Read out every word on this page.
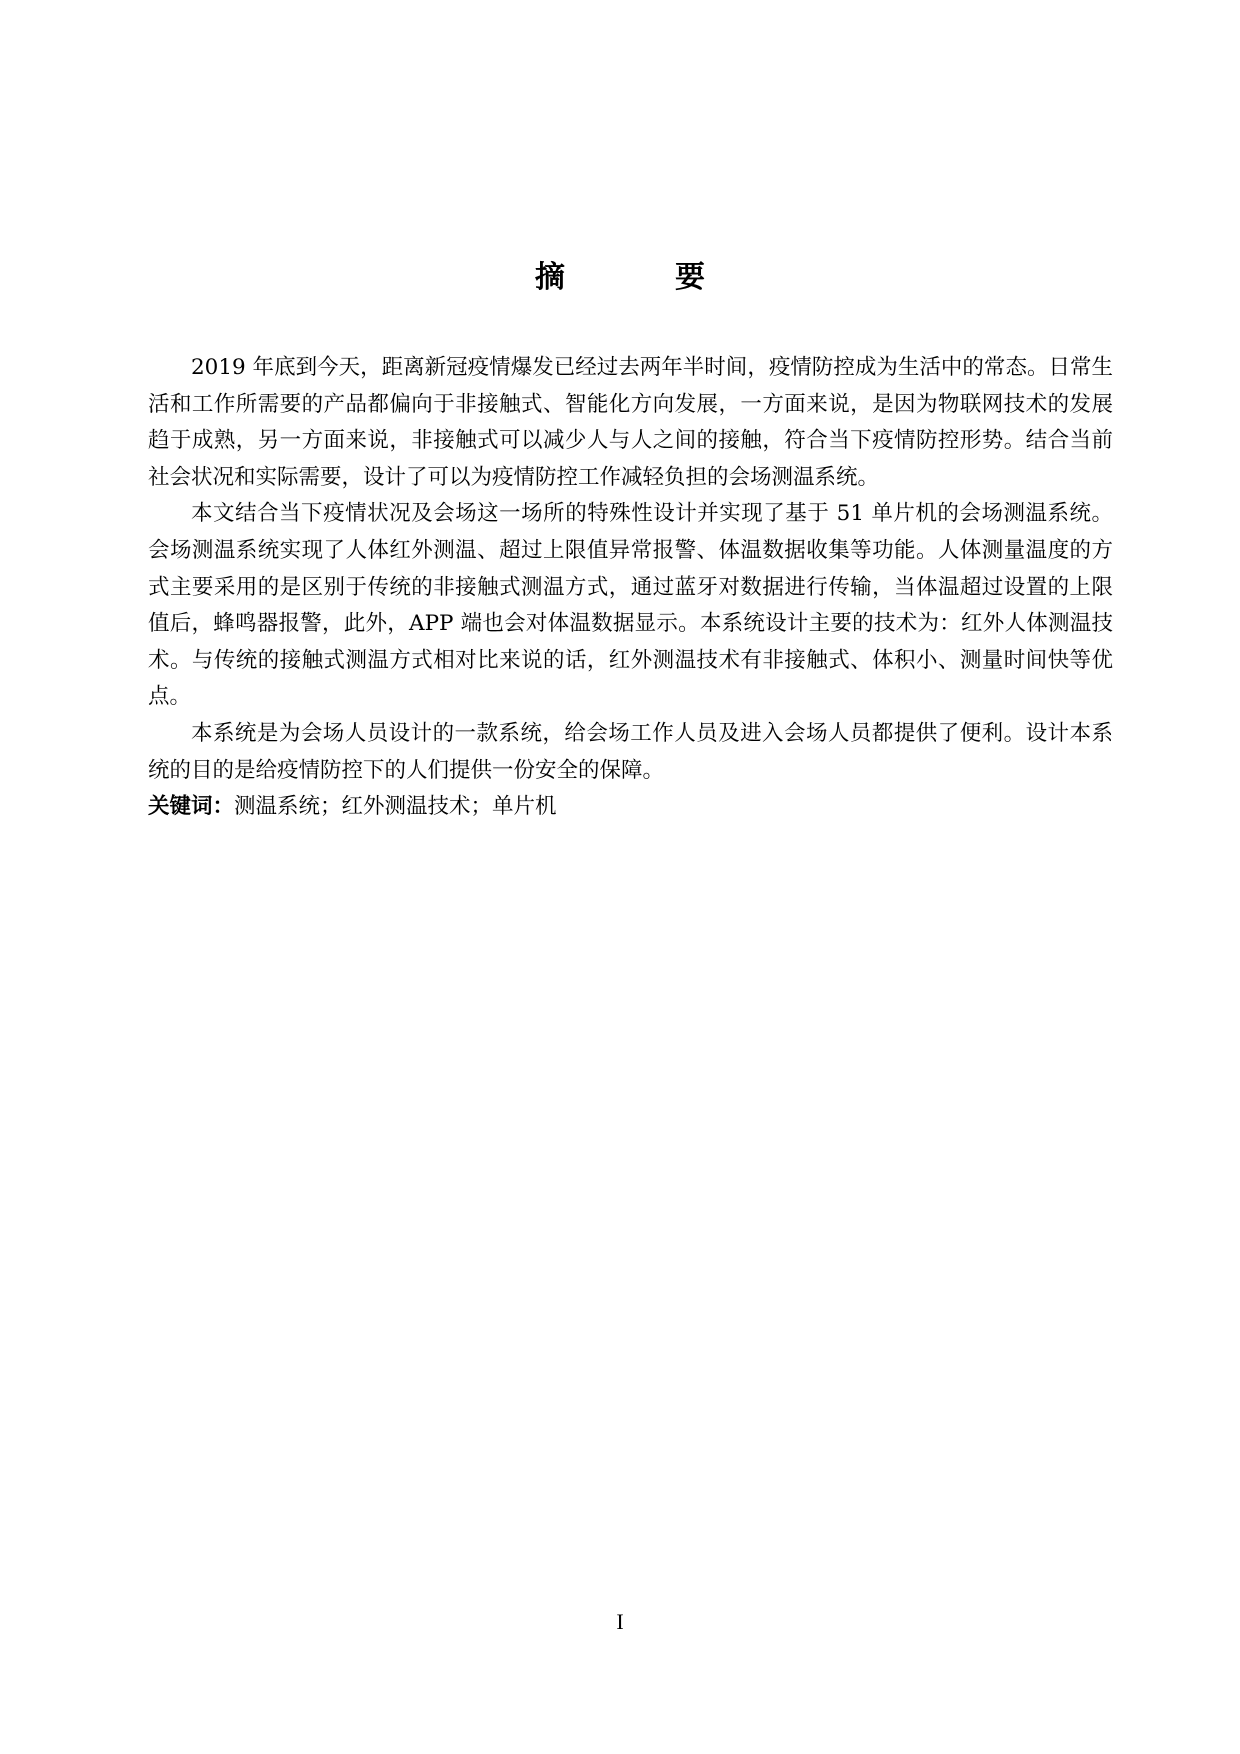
摘　要

2019 年底到今天，距离新冠疫情爆发已经过去两年半时间，疫情防控成为生活中的常态。日常生活和工作所需要的产品都偏向于非接触式、智能化方向发展，一方面来说，是因为物联网技术的发展趋于成熟，另一方面来说，非接触式可以减少人与人之间的接触，符合当下疫情防控形势。结合当前社会状况和实际需要，设计了可以为疫情防控工作减轻负担的会场测温系统。

本文结合当下疫情状况及会场这一场所的特殊性设计并实现了基于 51 单片机的会场测温系统。会场测温系统实现了人体红外测温、超过上限值异常报警、体温数据收集等功能。人体测量温度的方式主要采用的是区别于传统的非接触式测温方式，通过蓝牙对数据进行传输，当体温超过设置的上限值后，蜂鸣器报警，此外，APP 端也会对体温数据显示。本系统设计主要的技术为：红外人体测温技术。与传统的接触式测温方式相对比来说的话，红外测温技术有非接触式、体积小、测量时间快等优点。

本系统是为会场人员设计的一款系统，给会场工作人员及进入会场人员都提供了便利。设计本系统的目的是给疫情防控下的人们提供一份安全的保障。

关键词：测温系统；红外测温技术；单片机
I
